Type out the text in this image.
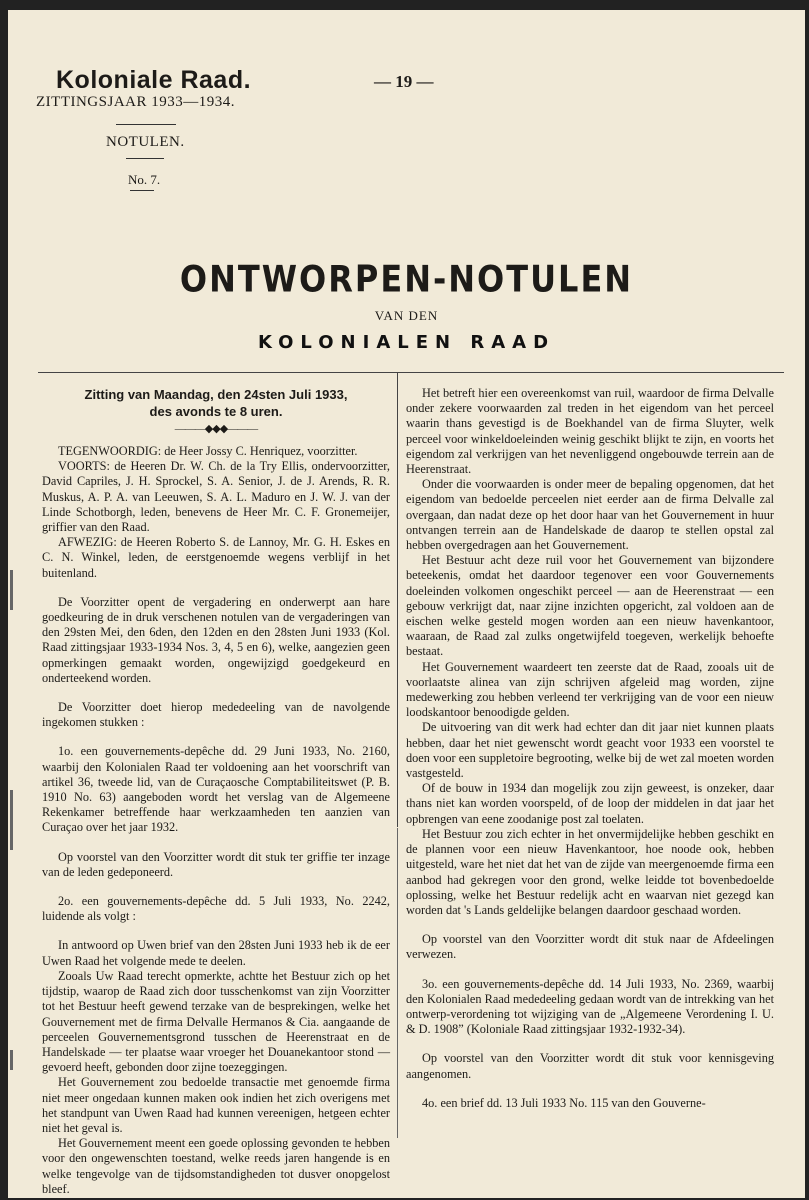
Koloniale Raad.
ZITTINGSJAAR 1933—1934.
NOTULEN.
No. 7.
— 19 —
ONTWORPEN-NOTULEN
VAN DEN
KOLONIALEN RAAD
Zitting van Maandag, den 24sten Juli 1933,
des avonds te 8 uren.
———◆◆◆———

TEGENWOORDIG: de Heer Jossy C. Henriquez, voorzitter.

VOORTS: de Heeren Dr. W. Ch. de la Try Ellis, ondervoorzitter, David Capriles, J. H. Sprockel, S. A. Senior, J. de J. Arends, R. R. Muskus, A. P. A. van Leeuwen, S. A. L. Maduro en J. W. J. van der Linde Schotborgh, leden, benevens de Heer Mr. C. F. Gronemeijer, griffier van den Raad.

AFWEZIG: de Heeren Roberto S. de Lannoy, Mr. G. H. Eskes en C. N. Winkel, leden, de eerstgenoemde wegens verblijf in het buitenland.

De Voorzitter opent de vergadering en onderwerpt aan hare goedkeuring de in druk verschenen notulen van de vergaderingen van den 29sten Mei, den 6den, den 12den en den 28sten Juni 1933 (Kol. Raad zittingsjaar 1933-1934 Nos. 3, 4, 5 en 6), welke, aangezien geen opmerkingen gemaakt worden, ongewijzigd goedgekeurd en onderteekend worden.

De Voorzitter doet hierop mededeeling van de navolgende ingekomen stukken :

1o. een gouvernements-depêche dd. 29 Juni 1933, No. 2160, waarbij den Kolonialen Raad ter voldoening aan het voorschrift van artikel 36, tweede lid, van de Curaçaosche Comptabiliteitswet (P. B. 1910 No. 63) aangeboden wordt het verslag van de Algemeene Rekenkamer betreffende haar werkzaamheden ten aanzien van Curaçao over het jaar 1932.

Op voorstel van den Voorzitter wordt dit stuk ter griffie ter inzage van de leden gedeponeerd.

2o. een gouvernements-depêche dd. 5 Juli 1933, No. 2242, luidende als volgt :

In antwoord op Uwen brief van den 28sten Juni 1933 heb ik de eer Uwen Raad het volgende mede te deelen.

Zooals Uw Raad terecht opmerkte, achtte het Bestuur zich op het tijdstip, waarop de Raad zich door tusschenkomst van zijn Voorzitter tot het Bestuur heeft gewend terzake van de besprekingen, welke het Gouvernement met de firma Delvalle Hermanos & Cia. aangaande de perceelen Gouvernementsgrond tusschen de Heerenstraat en de Handelskade — ter plaatse waar vroeger het Douanekantoor stond — gevoerd heeft, gebonden door zijne toezeggingen.

Het Gouvernement zou bedoelde transactie met genoemde firma niet meer ongedaan kunnen maken ook indien het zich overigens met het standpunt van Uwen Raad had kunnen vereenigen, hetgeen echter niet het geval is.

Het Gouvernement meent een goede oplossing gevonden te hebben voor den ongewenschten toestand, welke reeds jaren hangende is en welke tengevolge van de tijdsomstandigheden tot dusver onopgelost bleef.

Het betreft hier een overeenkomst van ruil, waardoor de firma Delvalle onder zekere voorwaarden zal treden in het eigendom van het perceel waarin thans gevestigd is de Boekhandel van de firma Sluyter, welk perceel voor winkeldoeleinden weinig geschikt blijkt te zijn, en voorts het eigendom zal verkrijgen van het nevenliggend ongebouwde terrein aan de Heerenstraat.

Onder die voorwaarden is onder meer de bepaling opgenomen, dat het eigendom van bedoelde perceelen niet eerder aan de firma Delvalle zal overgaan, dan nadat deze op het door haar van het Gouvernement in huur ontvangen terrein aan de Handelskade de daarop te stellen opstal zal hebben overgedragen aan het Gouvernement.

Het Bestuur acht deze ruil voor het Gouvernement van bijzondere beteekenis, omdat het daardoor tegenover een voor Gouvernements doeleinden volkomen ongeschikt perceel — aan de Heerenstraat — een gebouw verkrijgt dat, naar zijne inzichten opgericht, zal voldoen aan de eischen welke gesteld mogen worden aan een nieuw havenkantoor, waaraan, de Raad zal zulks ongetwijfeld toegeven, werkelijk behoefte bestaat.

Het Gouvernement waardeert ten zeerste dat de Raad, zooals uit de voorlaatste alinea van zijn schrijven afgeleid mag worden, zijne medewerking zou hebben verleend ter verkrijging van de voor een nieuw loodskantoor benoodigde gelden.

De uitvoering van dit werk had echter dan dit jaar niet kunnen plaats hebben, daar het niet gewenscht wordt geacht voor 1933 een voorstel te doen voor een suppletoire begrooting, welke bij de wet zal moeten worden vastgesteld.

Of de bouw in 1934 dan mogelijk zou zijn geweest, is onzeker, daar thans niet kan worden voorspeld, of de loop der middelen in dat jaar het opbrengen van eene zoodanige post zal toelaten.

Het Bestuur zou zich echter in het onvermijdelijke hebben geschikt en de plannen voor een nieuw Havenkantoor, hoe noode ook, hebben uitgesteld, ware het niet dat het van de zijde van meergenoemde firma een aanbod had gekregen voor den grond, welke leidde tot bovenbedoelde oplossing, welke het Bestuur redelijk acht en waarvan niet gezegd kan worden dat 's Lands geldelijke belangen daardoor geschaad worden.

Op voorstel van den Voorzitter wordt dit stuk naar de Afdeelingen verwezen.

3o. een gouvernements-depêche dd. 14 Juli 1933, No. 2369, waarbij den Kolonialen Raad mededeeling gedaan wordt van de intrekking van het ontwerp-verordening tot wijziging van de „Algemeene Verordening I. U. & D. 1908” (Koloniale Raad zittingsjaar 1932-1932-34).

Op voorstel van den Voorzitter wordt dit stuk voor kennisgeving aangenomen.

4o. een brief dd. 13 Juli 1933 No. 115 van den Gouverne-
